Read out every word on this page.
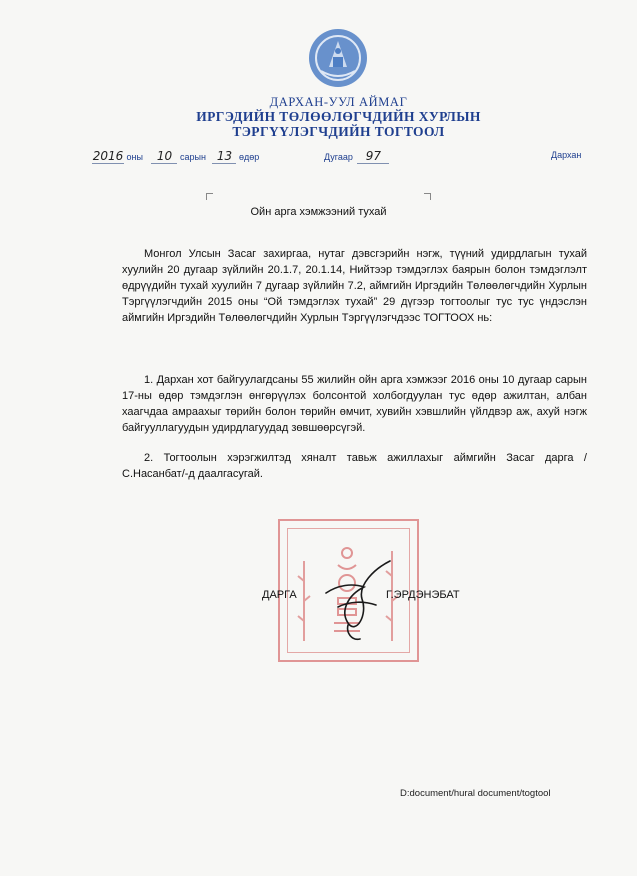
ДАРХАН-УУЛ АЙМАГ
ИРГЭДИЙН ТӨЛӨӨЛӨГЧДИЙН ХУРЛЫН
ТЭРГҮҮЛЭГЧДИЙН ТОГТООЛ
2016 оны 10 сарын 13 өдөр	Дугаар 97	Дархан
Ойн арга хэмжээний тухай

Монгол Улсын Засаг захиргаа, нутаг дэвсгэрийн нэгж, түүний удирдлагын тухай хуулийн 20 дугаар зүйлийн 20.1.7, 20.1.14, Нийтээр тэмдэглэх баярын болон тэмдэглэлт өдрүүдийн тухай хуулийн 7 дугаар зүйлийн 7.2, аймгийн Иргэдийн Төлөөлөгчдийн Хурлын Тэргүүлэгчдийн 2015 оны “Ой тэмдэглэх тухай” 29 дүгээр тогтоолыг тус тус үндэслэн аймгийн Иргэдийн Төлөөлөгчдийн Хурлын Тэргүүлэгчдээс ТОГТООХ нь:

1. Дархан хот байгуулагдсаны 55 жилийн ойн арга хэмжээг 2016 оны 10 дугаар сарын 17-ны өдөр тэмдэглэн өнгөрүүлэх болсонтой холбогдуулан тус өдөр ажилтан, албан хаагчдаа амраахыг төрийн болон төрийн өмчит, хувийн хэвшлийн үйлдвэр аж, ахуй нэгж байгууллагуудын удирдлагуудад зөвшөөрсүгэй.

2. Тогтоолын хэрэгжилтэд хяналт тавьж ажиллахыг аймгийн Засаг дарга /С.Насанбат/-д даалгасугай.

ДАРГА	Г.ЭРДЭНЭБАТ
D:document/hural document/togtool
